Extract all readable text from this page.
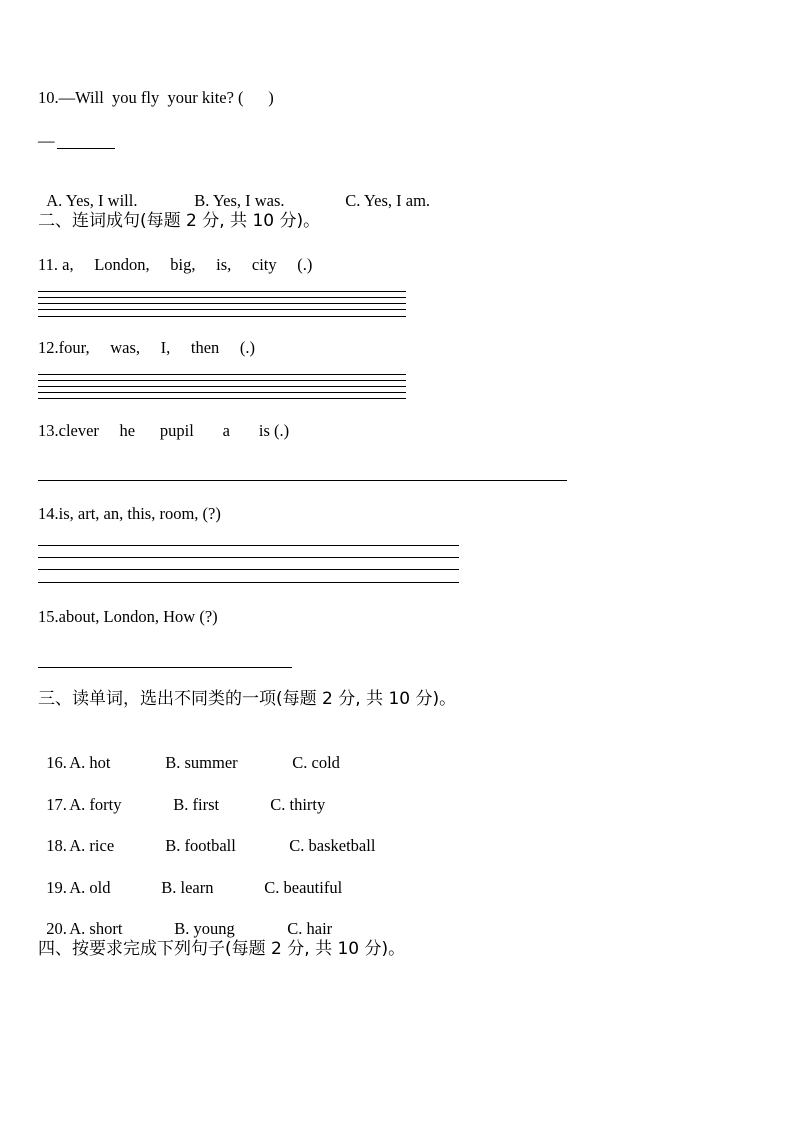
10.—Will  you fly  your kite? (      )
—

A. Yes, I will.	B. Yes, I was.	C. Yes, I am.

二、连词成句(每题 2 分, 共 10 分)。
11. a,     London,     big,     is,     city     (.)
12.four,     was,     I,     then     (.)
13.clever     he      pupil       a       is (.)
14.is, art, an, this, room, (?)
15.about, London, How (?)
三、读单词，选出不同类的一项(每题 2 分, 共 10 分)。

16. A. hot	B. summer	C. cold

17. A. forty	B. first	C. thirty

18. A. rice	B. football	C. basketball

19. A. old	B. learn	C. beautiful

20. A. short	B. young	C. hair

四、按要求完成下列句子(每题 2 分, 共 10 分)。
